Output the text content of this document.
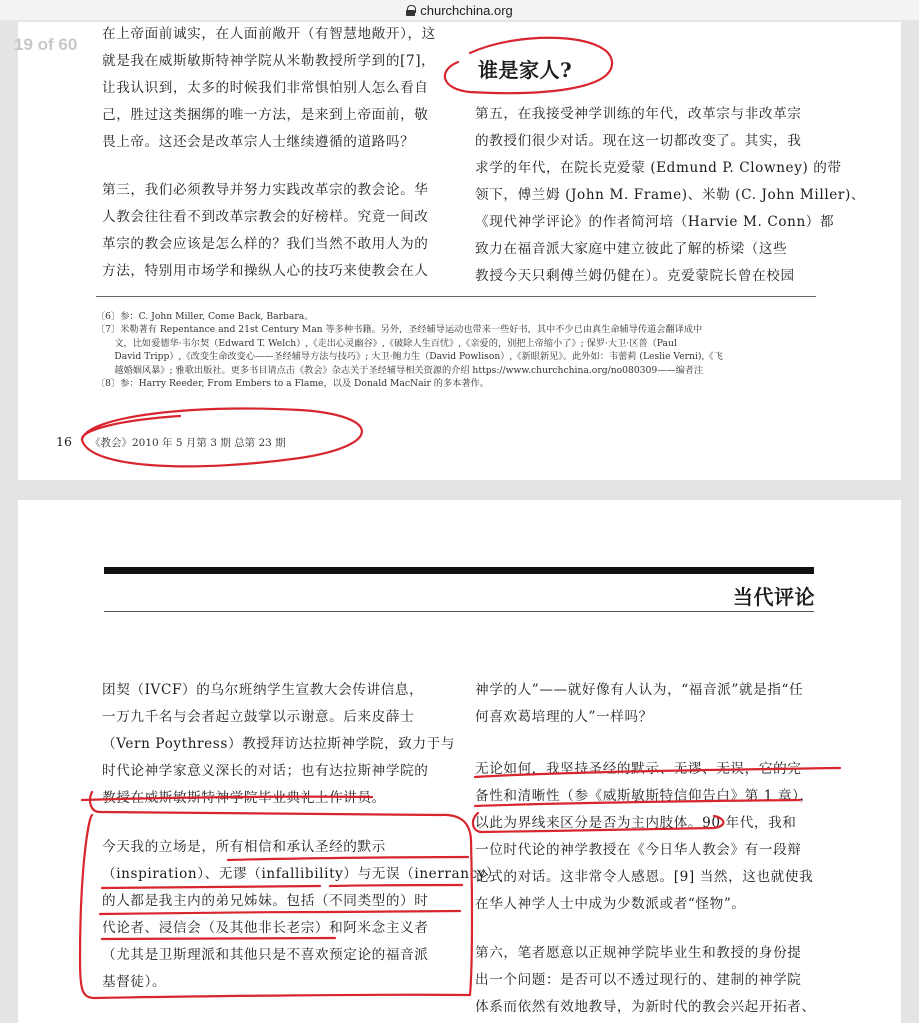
churchchina.org
在上帝面前诚实，在人面前敞开（有智慧地敞开），这
就是我在威斯敏斯特神学院从米勒教授所学到的[7]，
让我认识到，太多的时候我们非常惧怕别人怎么看自
己，胜过这类捆绑的唯一方法，是来到上帝面前，敬
畏上帝。这还会是改革宗人士继续遵循的道路吗？
第三，我们必须教导并努力实践改革宗的教会论。华
人教会往往看不到改革宗教会的好榜样。究竟一间改
革宗的教会应该是怎么样的？我们当然不敢用人为的
方法，特别用市场学和操纵人心的技巧来使教会在人
谁是家人?
第五，在我接受神学训练的年代，改革宗与非改革宗
的教授们很少对话。现在这一切都改变了。其实，我
求学的年代，在院长克爱蒙 (Edmund P. Clowney) 的带
领下，傅兰姆 (John M. Frame)、米勒 (C. John Miller)、
《现代神学评论》的作者简河培（Harvie M. Conn）都
致力在福音派大家庭中建立彼此了解的桥梁（这些
教授今天只剩傅兰姆仍健在）。克爱蒙院长曾在校园
〔6〕参：C. John Miller, Come Back, Barbara。
〔7〕米勒著有 Repentance and 21st Century Man 等多种书籍。另外，圣经辅导运动也带来一些好书，其中不少已由真生命辅导传道会翻译成中
　　文，比如爱德华·韦尔契（Edward T. Welch）,《走出心灵幽谷》,《破除人生百忧》,《亲爱的，别把上帝缩小了》; 保罗·大卫·区普（Paul
　　David Tripp）,《改变生命改变心——圣经辅导方法与技巧》; 大卫·鲍力生（David Powlison）,《新眼新见》。此外如：韦蕾莉 (Leslie Verni),《飞
　　越婚姻风暴》; 雅歌出版社。更多书目请点击《教会》杂志关于圣经辅导相关资源的介绍 https://www.churchchina.org/no080309——编者注
〔8〕参：Harry Reeder, From Embers to a Flame，以及 Donald MacNair 的多本著作。
16 《教会》2010 年 5 月第 3 期 总第 23 期
当代评论
团契（IVCF）的乌尔班纳学生宣教大会传讲信息，
一万九千名与会者起立鼓掌以示谢意。后来皮薛士
（Vern Poythress）教授拜访达拉斯神学院，致力于与
时代论神学家意义深长的对话；也有达拉斯神学院的
教授在威斯敏斯特神学院毕业典礼上作讲员。
今天我的立场是，所有相信和承认圣经的默示
（inspiration）、无谬（infallibility）与无误（inerrancy）
的人都是我主内的弟兄姊妹。包括（不同类型的）时
代论者、浸信会（及其他非长老宗）和阿米念主义者
（尤其是卫斯理派和其他只是不喜欢预定论的福音派
基督徒）。
神学的人”——就好像有人认为，“福音派”就是指“任
何喜欢葛培理的人”一样吗？
无论如何，我坚持圣经的默示、无谬、无误，它的完
备性和清晰性（参《威斯敏斯特信仰告白》第 1 章），
以此为界线来区分是否为主内肢体。90 年代，我和
一位时代论的神学教授在《今日华人教会》有一段辩
论式的对话。这非常令人感恩。[9] 当然，这也就使我
在华人神学人士中成为少数派或者“怪物”。
第六，笔者愿意以正规神学院毕业生和教授的身份提
出一个问题：是否可以不透过现行的、建制的神学院
体系而依然有效地教导，为新时代的教会兴起开拓者、
19 of 60
